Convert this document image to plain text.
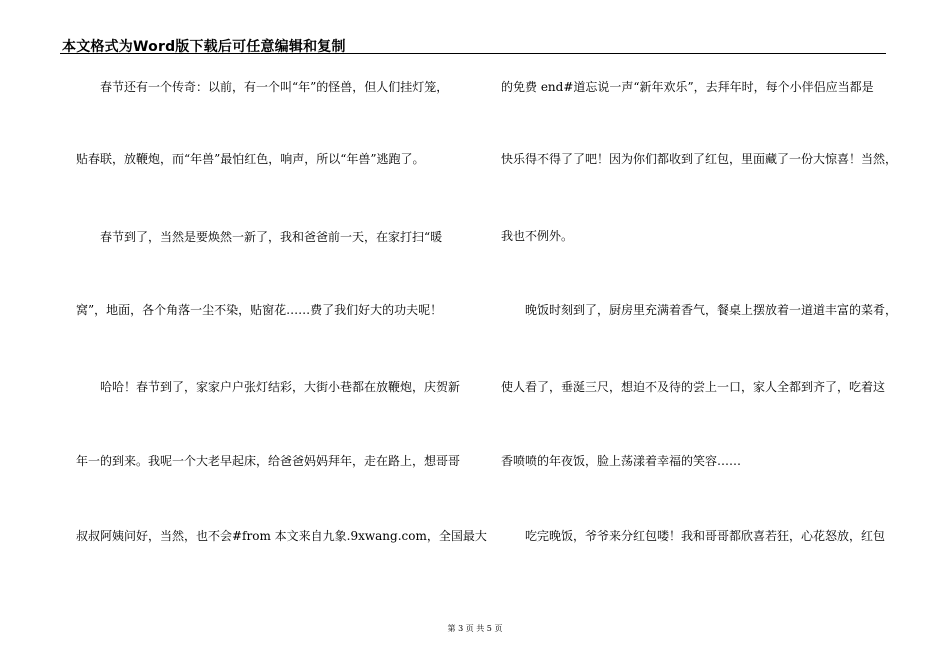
本文格式为Word版下载后可任意编辑和复制
春节还有一个传奇：以前，有一个叫“年”的怪兽，但人们挂灯笼，
贴春联，放鞭炮，而“年兽”最怕红色，响声，所以“年兽”逃跑了。
春节到了，当然是要焕然一新了，我和爸爸前一天，在家打扫“暖
窝”，地面，各个角落一尘不染，贴窗花……费了我们好大的功夫呢！
哈哈！春节到了，家家户户张灯结彩，大街小巷都在放鞭炮，庆贺新
年一的到来。我呢一个大老早起床，给爸爸妈妈拜年，走在路上，想哥哥
叔叔阿姨问好，当然，也不会#from 本文来自九象.9xwang.com，全国最大
的免费 end#道忘说一声“新年欢乐”，去拜年时，每个小伴侣应当都是
快乐得不得了了吧！因为你们都收到了红包，里面藏了一份大惊喜！当然，
我也不例外。
晚饭时刻到了，厨房里充满着香气，餐桌上摆放着一道道丰富的菜肴，
使人看了，垂涎三尺，想迫不及待的尝上一口，家人全都到齐了，吃着这
香喷喷的年夜饭，脸上荡漾着幸福的笑容……
吃完晚饭，爷爷来分红包喽！我和哥哥都欣喜若狂，心花怒放，红包
第 3 页 共 5 页
